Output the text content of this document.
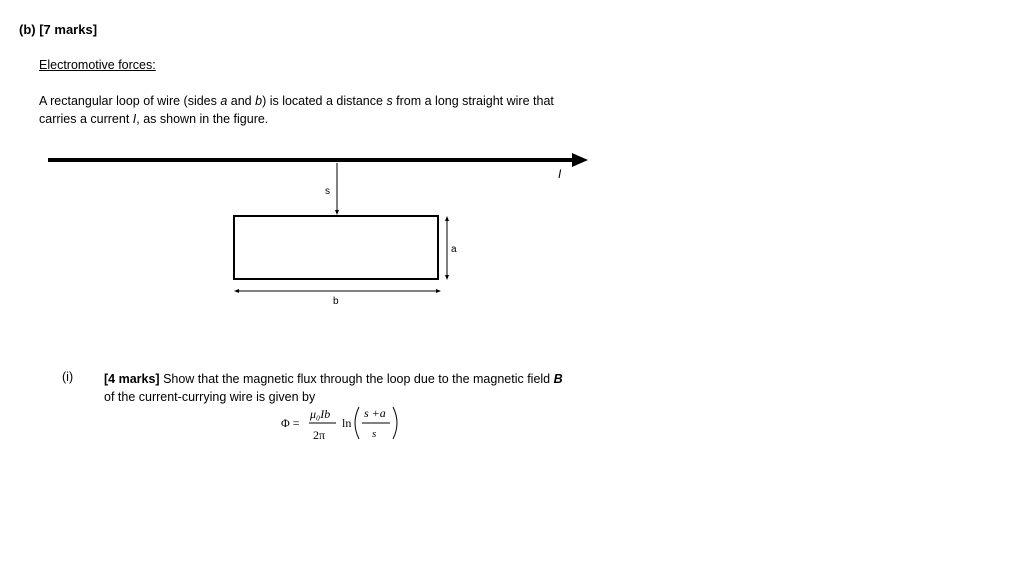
(b) [7 marks]
Electromotive forces:
A rectangular loop of wire (sides a and b) is located a distance s from a long straight wire that
carries a current I, as shown in the figure.
I
s
a
b
(i) [4 marks] Show that the magnetic flux through the loop due to the magnetic field B
of the current-currying wire is given by
Φ =
μ₀Ib
2π
ln
s +a
s
